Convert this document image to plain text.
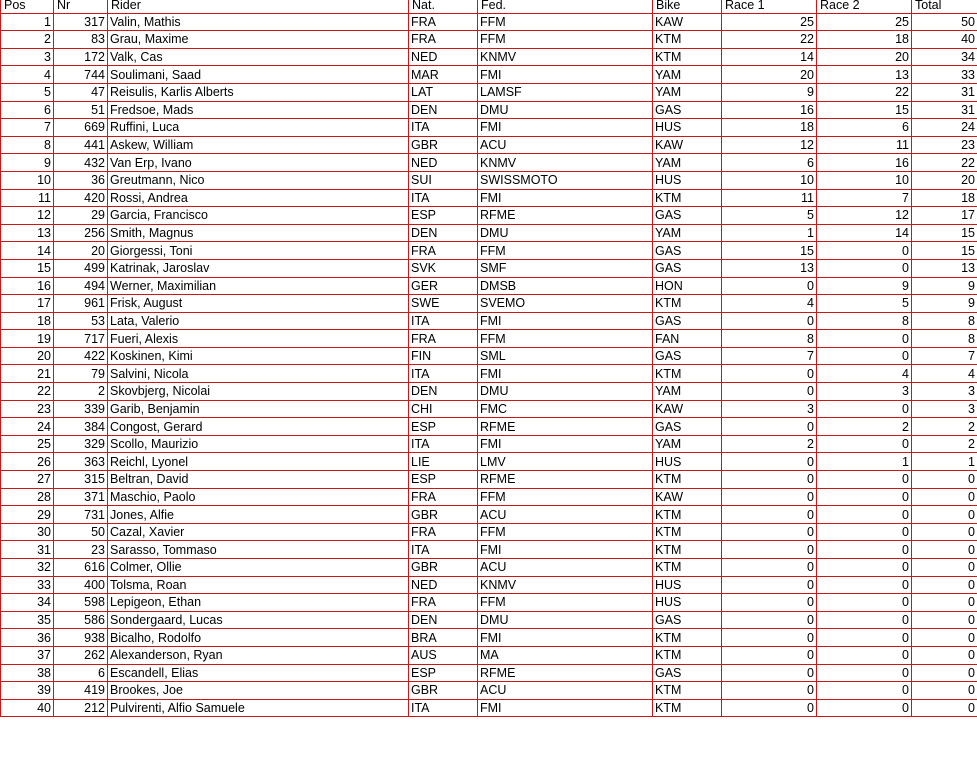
Pos	Nr	Rider	Nat.	Fed.	Bike	Race 1	Race 2	Total
1	317	Valin, Mathis	FRA	FFM	KAW	25	25	50
2	83	Grau, Maxime	FRA	FFM	KTM	22	18	40
3	172	Valk, Cas	NED	KNMV	KTM	14	20	34
4	744	Soulimani, Saad	MAR	FMI	YAM	20	13	33
5	47	Reisulis, Karlis Alberts	LAT	LAMSF	YAM	9	22	31
6	51	Fredsoe, Mads	DEN	DMU	GAS	16	15	31
7	669	Ruffini, Luca	ITA	FMI	HUS	18	6	24
8	441	Askew, William	GBR	ACU	KAW	12	11	23
9	432	Van Erp, Ivano	NED	KNMV	YAM	6	16	22
10	36	Greutmann, Nico	SUI	SWISSMOTO	HUS	10	10	20
11	420	Rossi, Andrea	ITA	FMI	KTM	11	7	18
12	29	Garcia, Francisco	ESP	RFME	GAS	5	12	17
13	256	Smith, Magnus	DEN	DMU	YAM	1	14	15
14	20	Giorgessi, Toni	FRA	FFM	GAS	15	0	15
15	499	Katrinak, Jaroslav	SVK	SMF	GAS	13	0	13
16	494	Werner, Maximilian	GER	DMSB	HON	0	9	9
17	961	Frisk, August	SWE	SVEMO	KTM	4	5	9
18	53	Lata, Valerio	ITA	FMI	GAS	0	8	8
19	717	Fueri, Alexis	FRA	FFM	FAN	8	0	8
20	422	Koskinen, Kimi	FIN	SML	GAS	7	0	7
21	79	Salvini, Nicola	ITA	FMI	KTM	0	4	4
22	2	Skovbjerg, Nicolai	DEN	DMU	YAM	0	3	3
23	339	Garib, Benjamin	CHI	FMC	KAW	3	0	3
24	384	Congost, Gerard	ESP	RFME	GAS	0	2	2
25	329	Scollo, Maurizio	ITA	FMI	YAM	2	0	2
26	363	Reichl, Lyonel	LIE	LMV	HUS	0	1	1
27	315	Beltran, David	ESP	RFME	KTM	0	0	0
28	371	Maschio, Paolo	FRA	FFM	KAW	0	0	0
29	731	Jones, Alfie	GBR	ACU	KTM	0	0	0
30	50	Cazal, Xavier	FRA	FFM	KTM	0	0	0
31	23	Sarasso, Tommaso	ITA	FMI	KTM	0	0	0
32	616	Colmer, Ollie	GBR	ACU	KTM	0	0	0
33	400	Tolsma, Roan	NED	KNMV	HUS	0	0	0
34	598	Lepigeon, Ethan	FRA	FFM	HUS	0	0	0
35	586	Sondergaard, Lucas	DEN	DMU	GAS	0	0	0
36	938	Bicalho, Rodolfo	BRA	FMI	KTM	0	0	0
37	262	Alexanderson, Ryan	AUS	MA	KTM	0	0	0
38	6	Escandell, Elias	ESP	RFME	GAS	0	0	0
39	419	Brookes, Joe	GBR	ACU	KTM	0	0	0
40	212	Pulvirenti, Alfio Samuele	ITA	FMI	KTM	0	0	0
